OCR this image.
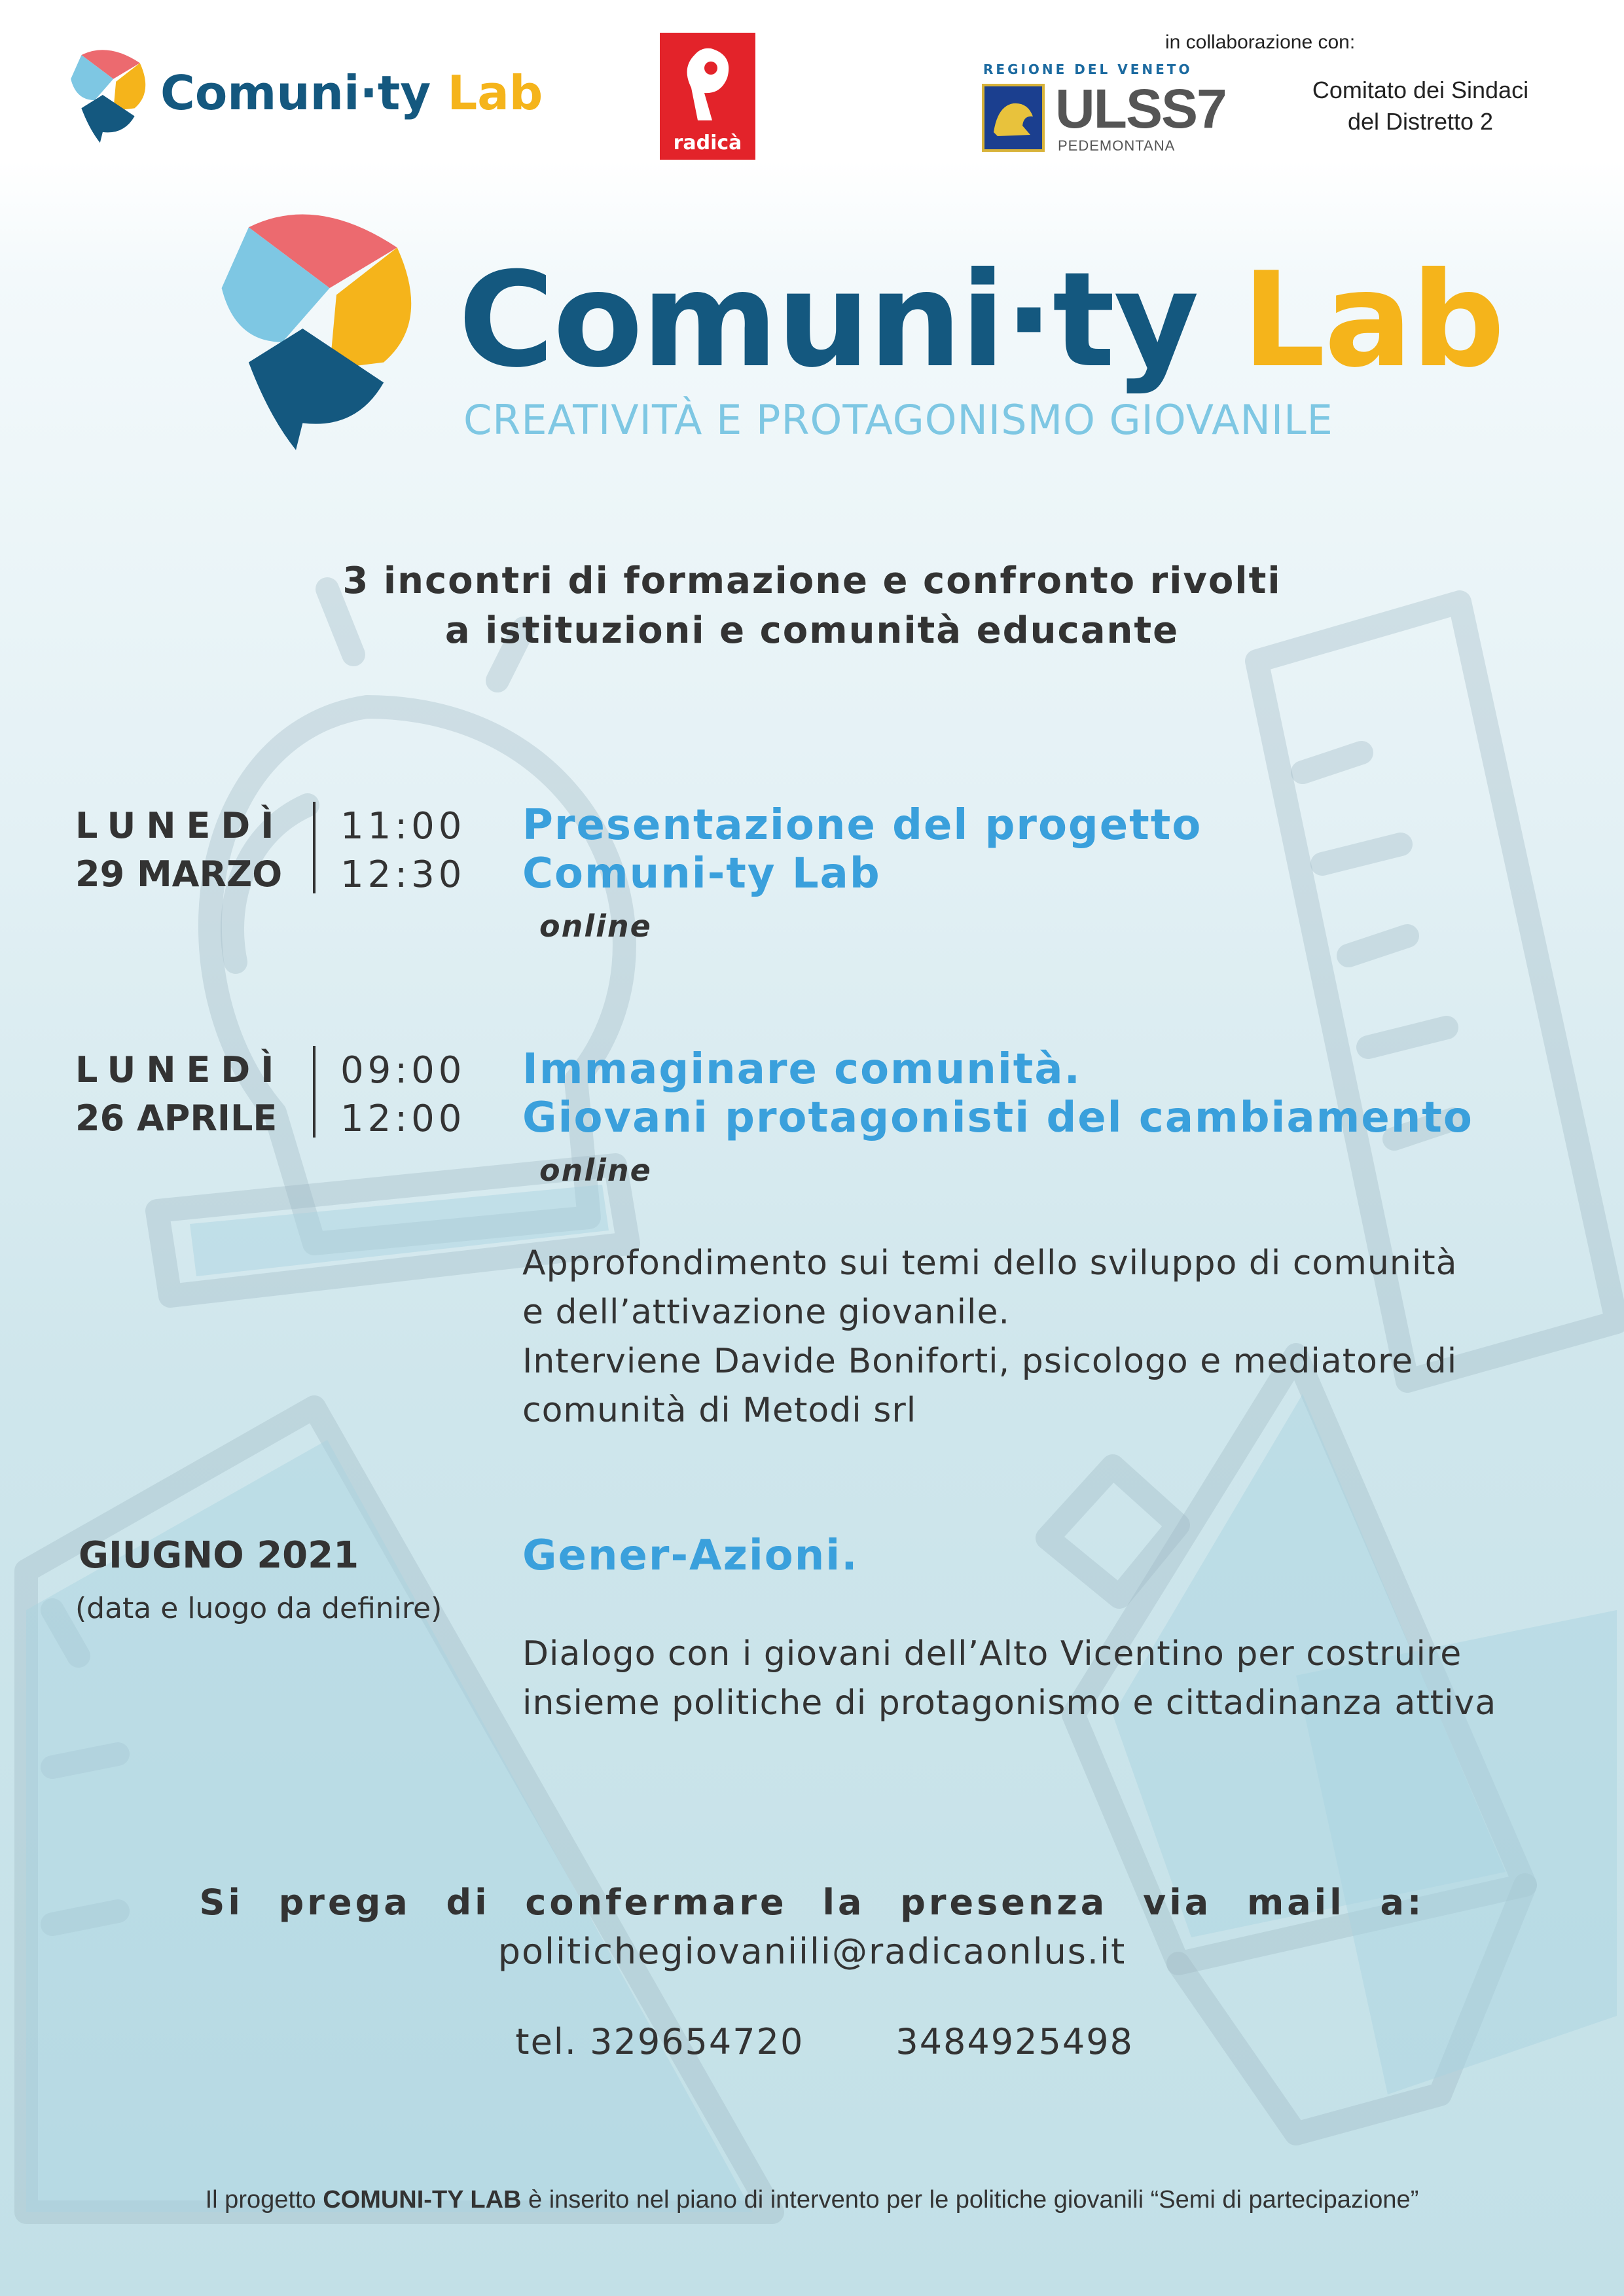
Comuni·ty Lab
radicà
in collaborazione con:
REGIONE DEL VENETO
ULSS7
PEDEMONTANA
Comitato dei Sindaci
del Distretto 2
Comuni·ty Lab
CREATIVITÀ E PROTAGONISMO GIOVANILE
3 incontri di formazione e confronto rivolti
a istituzioni e comunità educante
LUNEDÌ
29 MARZO
11:00
12:30
Presentazione del progetto
Comuni-ty Lab
online
LUNEDÌ
26 APRILE
09:00
12:00
Immaginare comunità.
Giovani protagonisti del cambiamento
online
Approfondimento sui temi dello sviluppo di comunità
e dell’attivazione giovanile.
Interviene Davide Boniforti, psicologo e mediatore di
comunità di Metodi srl
GIUGNO 2021
(data e luogo da definire)
Gener-Azioni.
Dialogo con i giovani dell’Alto Vicentino per costruire
insieme politiche di protagonismo e cittadinanza attiva
Si prega di confermare la presenza via mail a:
politichegiovaniili@radicaonlus.it

tel. 329654720	3484925498

Il progetto COMUNI-TY LAB è inserito nel piano di intervento per le politiche giovanili “Semi di partecipazione”
